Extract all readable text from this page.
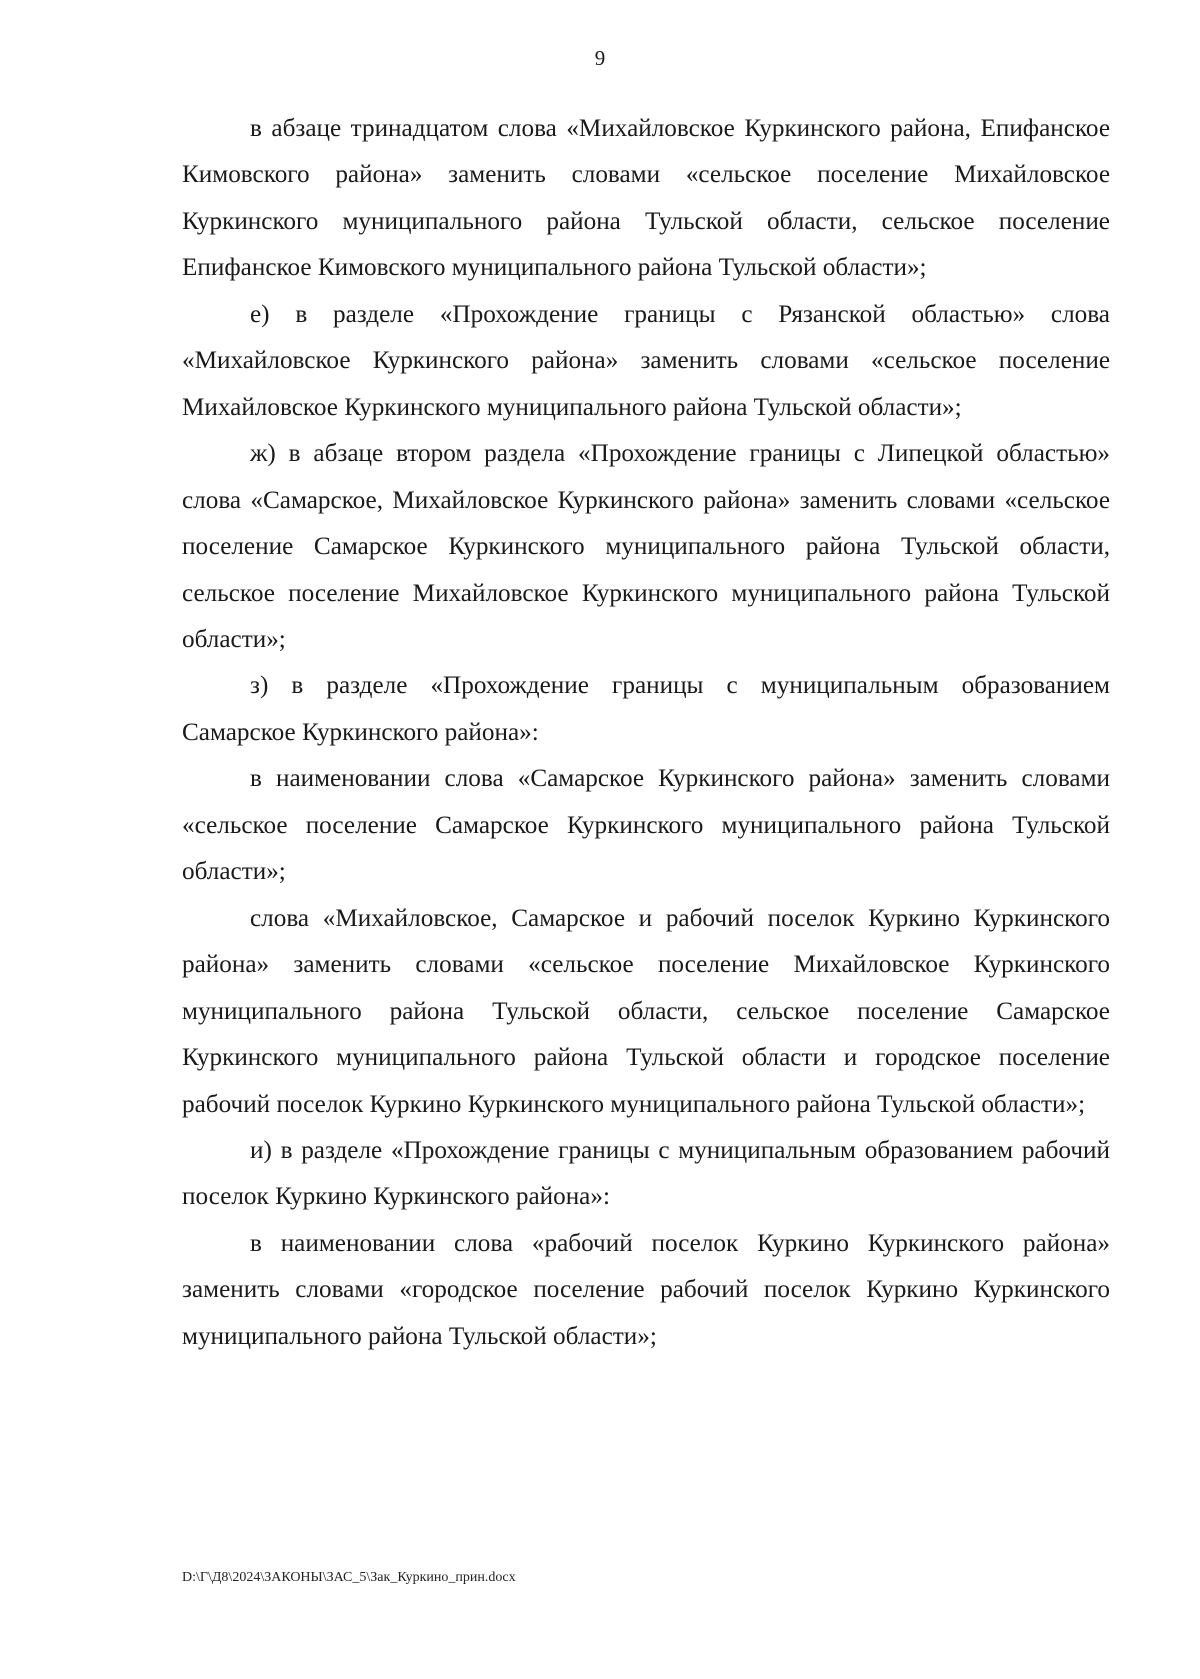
9

в абзаце тринадцатом слова «Михайловское Куркинского района, Епифанское Кимовского района» заменить словами «сельское поселение Михайловское Куркинского муниципального района Тульской области, сельское поселение Епифанское Кимовского муниципального района Тульской области»;

е) в разделе «Прохождение границы с Рязанской областью» слова «Михайловское Куркинского района» заменить словами «сельское поселение Михайловское Куркинского муниципального района Тульской области»;

ж) в абзаце втором раздела «Прохождение границы с Липецкой областью» слова «Самарское, Михайловское Куркинского района» заменить словами «сельское поселение Самарское Куркинского муниципального района Тульской области, сельское поселение Михайловское Куркинского муниципального района Тульской области»;

з) в разделе «Прохождение границы с муниципальным образованием Самарское Куркинского района»:

в наименовании слова «Самарское Куркинского района» заменить словами «сельское поселение Самарское Куркинского муниципального района Тульской области»;

слова «Михайловское, Самарское и рабочий поселок Куркино Куркинского района» заменить словами «сельское поселение Михайловское Куркинского муниципального района Тульской области, сельское поселение Самарское Куркинского муниципального района Тульской области и городское поселение рабочий поселок Куркино Куркинского муниципального района Тульской области»;

и) в разделе «Прохождение границы с муниципальным образованием рабочий поселок Куркино Куркинского района»:

в наименовании слова «рабочий поселок Куркино Куркинского района» заменить словами «городское поселение рабочий поселок Куркино Куркинского муниципального района Тульской области»;

D:\Г\Д8\2024\ЗАКОНЫ\ЗАС_5\Зак_Куркино_прин.docx
